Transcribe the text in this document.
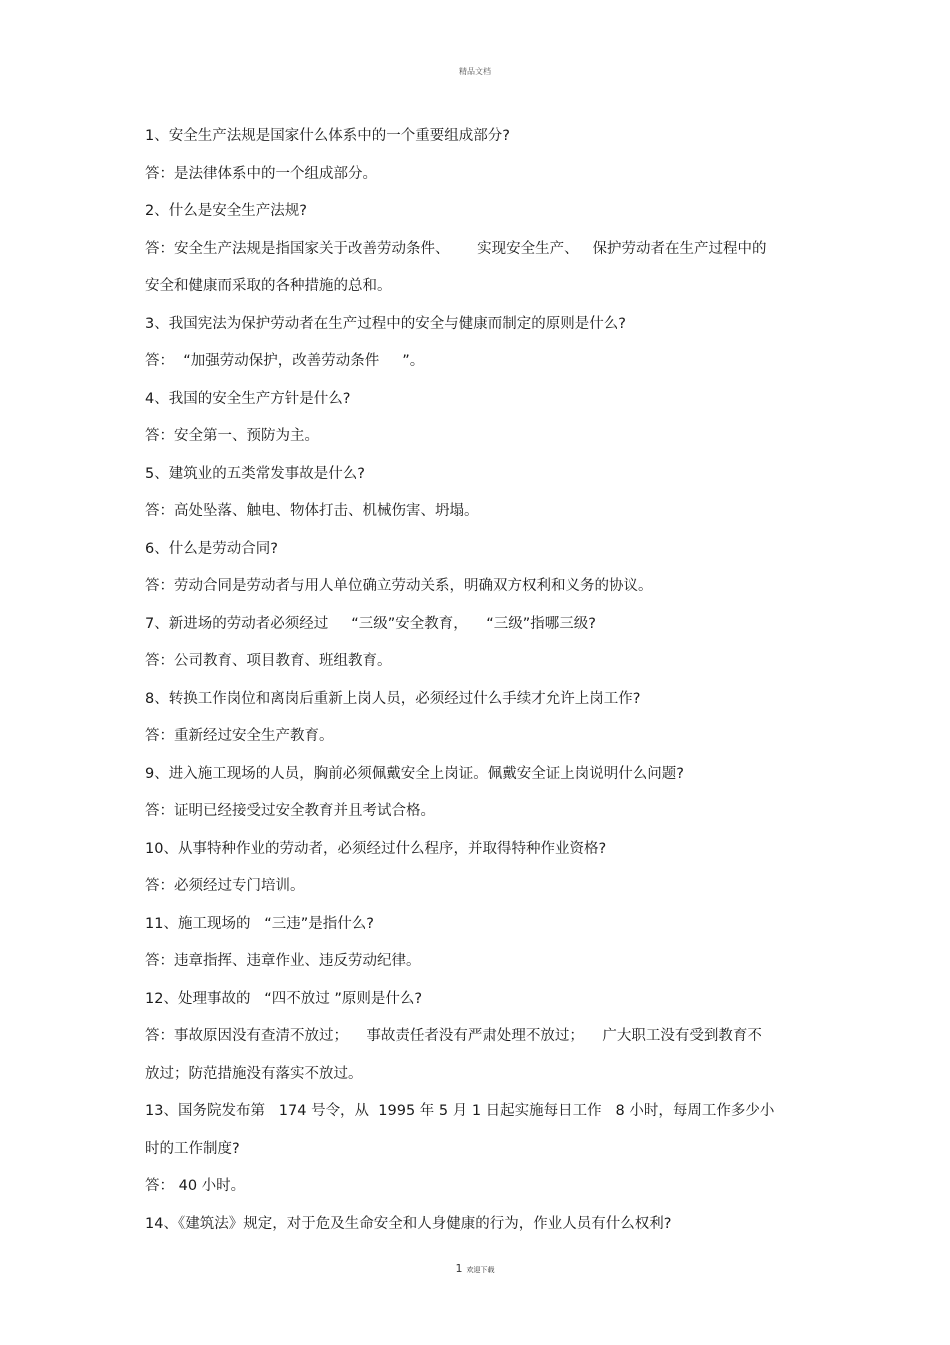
精品文档
1、安全生产法规是国家什么体系中的一个重要组成部分?
答：是法律体系中的一个组成部分。
2、什么是安全生产法规?
答：安全生产法规是指国家关于改善劳动条件、      实现安全生产、   保护劳动者在生产过程中的
安全和健康而采取的各种措施的总和。
3、我国宪法为保护劳动者在生产过程中的安全与健康而制定的原则是什么?
答：  “加强劳动保护，改善劳动条件     ”。
4、我国的安全生产方针是什么?
答：安全第一、预防为主。
5、建筑业的五类常发事故是什么?
答：高处坠落、触电、物体打击、机械伤害、坍塌。
6、什么是劳动合同?
答：劳动合同是劳动者与用人单位确立劳动关系，明确双方权利和义务的协议。
7、新进场的劳动者必须经过     “三级”安全教育，    “三级”指哪三级?
答：公司教育、项目教育、班组教育。
8、转换工作岗位和离岗后重新上岗人员，必须经过什么手续才允许上岗工作?
答：重新经过安全生产教育。
9、进入施工现场的人员，胸前必须佩戴安全上岗证。佩戴安全证上岗说明什么问题?
答：证明已经接受过安全教育并且考试合格。
10、从事特种作业的劳动者，必须经过什么程序，并取得特种作业资格?
答：必须经过专门培训。
11、施工现场的   “三违”是指什么?
答：违章指挥、违章作业、违反劳动纪律。
12、处理事故的   “四不放过 ”原则是什么?
答：事故原因没有查清不放过；    事故责任者没有严肃处理不放过；    广大职工没有受到教育不
放过；防范措施没有落实不放过。
13、国务院发布第   174 号令，从  1995 年 5 月 1 日起实施每日工作   8 小时，每周工作多少小
时的工作制度?
答： 40 小时。
14、《建筑法》规定，对于危及生命安全和人身健康的行为，作业人员有什么权利?
1 欢迎下载
